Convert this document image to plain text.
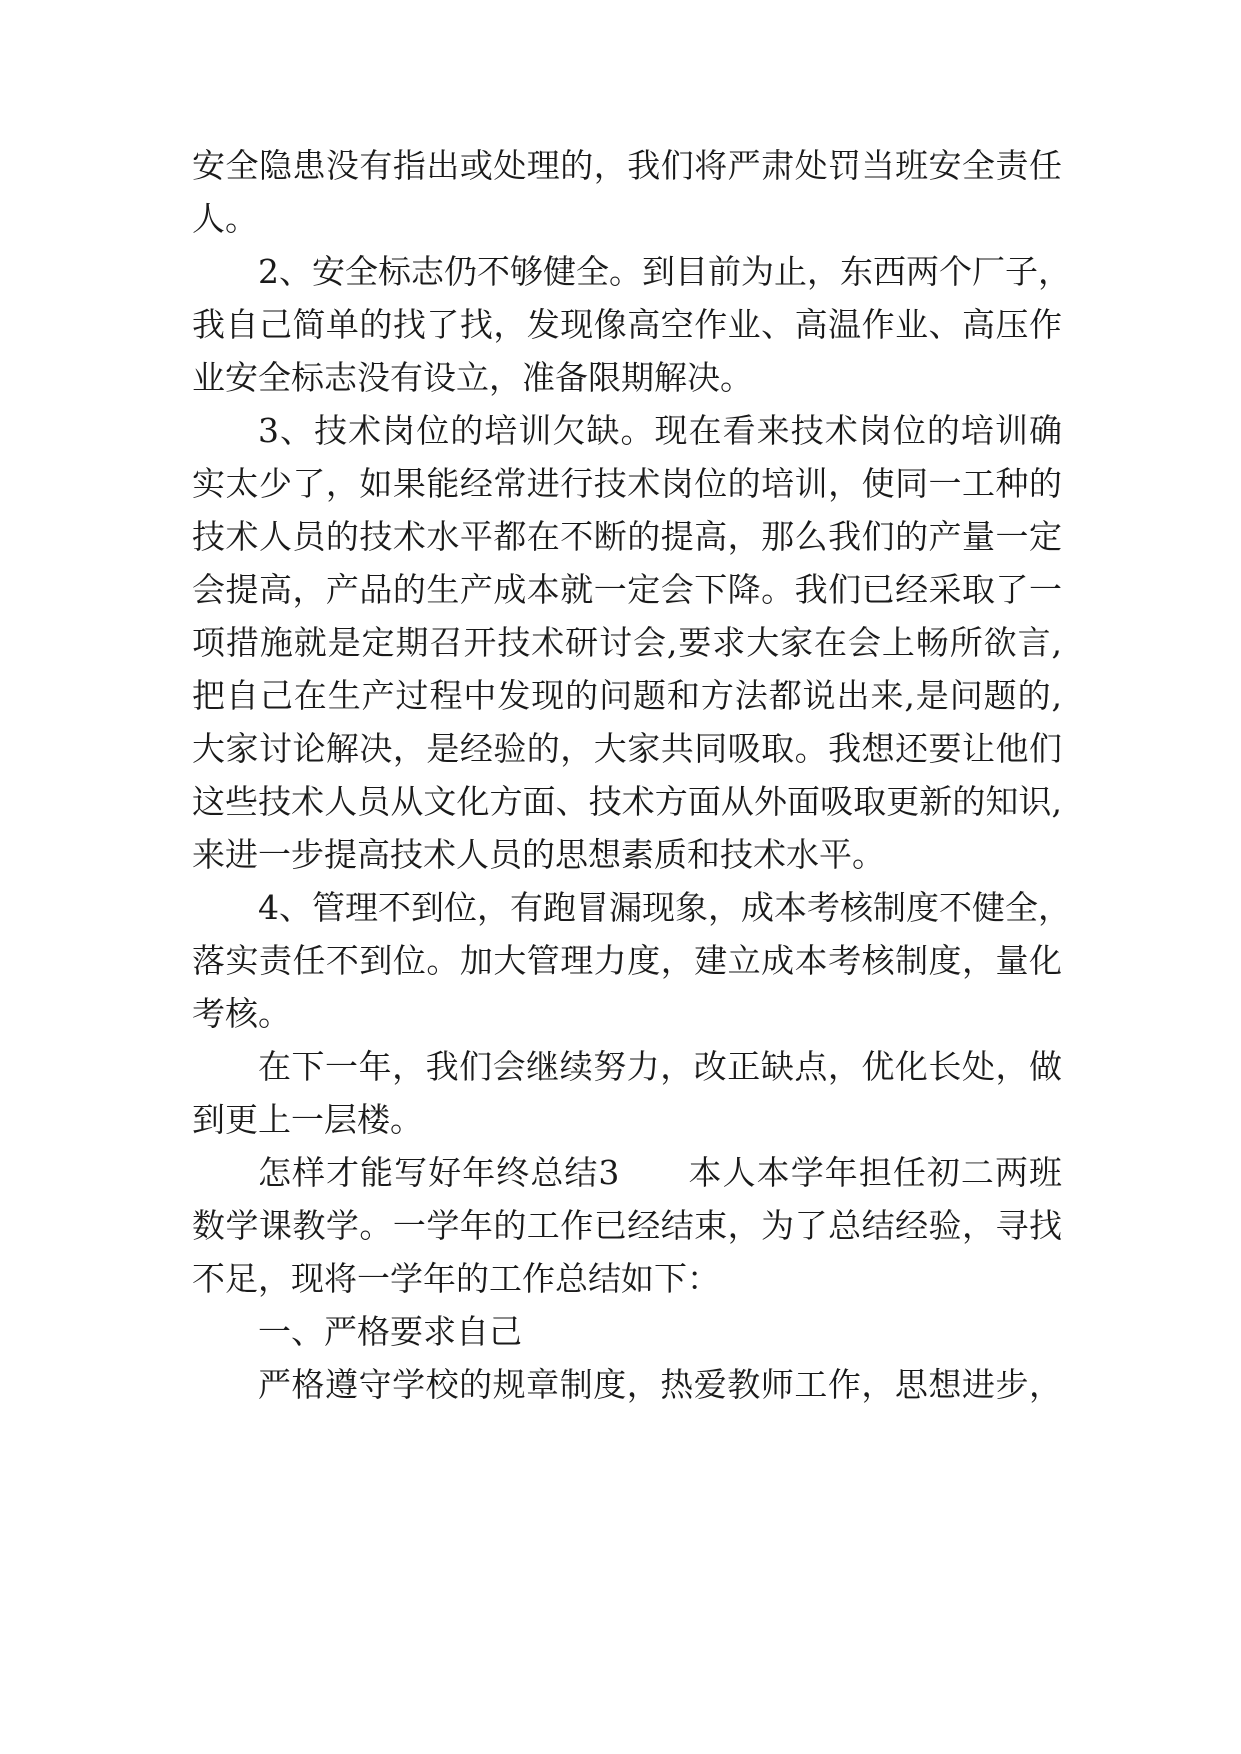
安全隐患没有指出或处理的，我们将严肃处罚当班安全责任
人。
2、安全标志仍不够健全。到目前为止，东西两个厂子，
我自己简单的找了找，发现像高空作业、高温作业、高压作
业安全标志没有设立，准备限期解决。
3、技术岗位的培训欠缺。现在看来技术岗位的培训确
实太少了，如果能经常进行技术岗位的培训，使同一工种的
技术人员的技术水平都在不断的提高，那么我们的产量一定
会提高，产品的生产成本就一定会下降。我们已经采取了一
项措施就是定期召开技术研讨会,要求大家在会上畅所欲言,
把自己在生产过程中发现的问题和方法都说出来,是问题的,
大家讨论解决，是经验的，大家共同吸取。我想还要让他们
这些技术人员从文化方面、技术方面从外面吸取更新的知识,
来进一步提高技术人员的思想素质和技术水平。
4、管理不到位，有跑冒漏现象，成本考核制度不健全，
落实责任不到位。加大管理力度，建立成本考核制度，量化
考核。
在下一年，我们会继续努力，改正缺点，优化长处，做
到更上一层楼。
怎样才能写好年终总结3　　本人本学年担任初二两班
数学课教学。一学年的工作已经结束，为了总结经验，寻找
不足，现将一学年的工作总结如下：
一、严格要求自己
严格遵守学校的规章制度，热爱教师工作，思想进步，
